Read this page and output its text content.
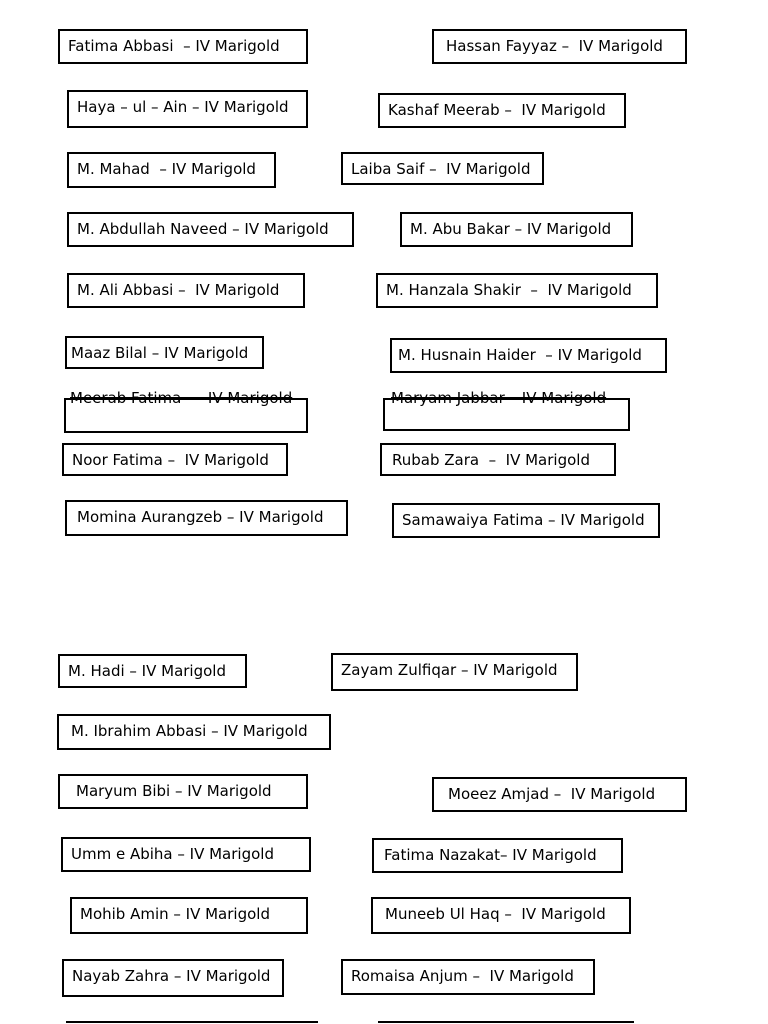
Fatima Abbasi  – IV Marigold	Hassan Fayyaz –  IV Marigold
Haya – ul – Ain – IV Marigold	Kashaf Meerab –  IV Marigold
M. Mahad  – IV Marigold	Laiba Saif –  IV Marigold
M. Abdullah Naveed – IV Marigold	M. Abu Bakar – IV Marigold
M. Ali Abbasi –  IV Marigold	M. Hanzala Shakir  –  IV Marigold
Maaz Bilal – IV Marigold	M. Husnain Haider  – IV Marigold
Meerab Fatima  –  IV Marigold	Maryam Jabbar – IV Marigold
Noor Fatima –  IV Marigold	Rubab Zara  –  IV Marigold
Momina Aurangzeb – IV Marigold	Samawaiya Fatima – IV Marigold
M. Hadi – IV Marigold	Zayam Zulfiqar – IV Marigold
M. Ibrahim Abbasi – IV Marigold
Maryum Bibi – IV Marigold	Moeez Amjad –  IV Marigold
Umm e Abiha – IV Marigold	Fatima Nazakat– IV Marigold
Mohib Amin – IV Marigold	Muneeb Ul Haq –  IV Marigold
Nayab Zahra – IV Marigold	Romaisa Anjum –  IV Marigold
